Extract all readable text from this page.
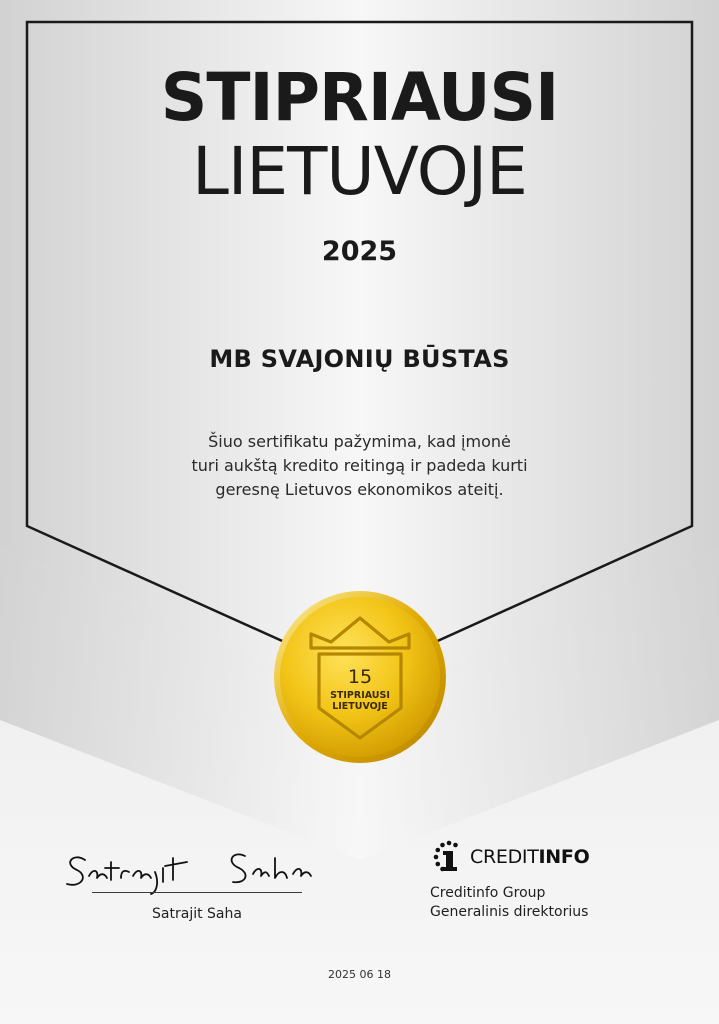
STIPRIAUSI
LIETUVOJE
2025
MB SVAJONIŲ BŪSTAS
Šiuo sertifikatu pažymima, kad įmonė
turi aukštą kredito reitingą ir padeda kurti
geresnę Lietuvos ekonomikos ateitį.
15
STIPRIAUSI
LIETUVOJE
Satrajit Saha
CREDITINFO
Creditinfo Group
Generalinis direktorius
2025 06 18
